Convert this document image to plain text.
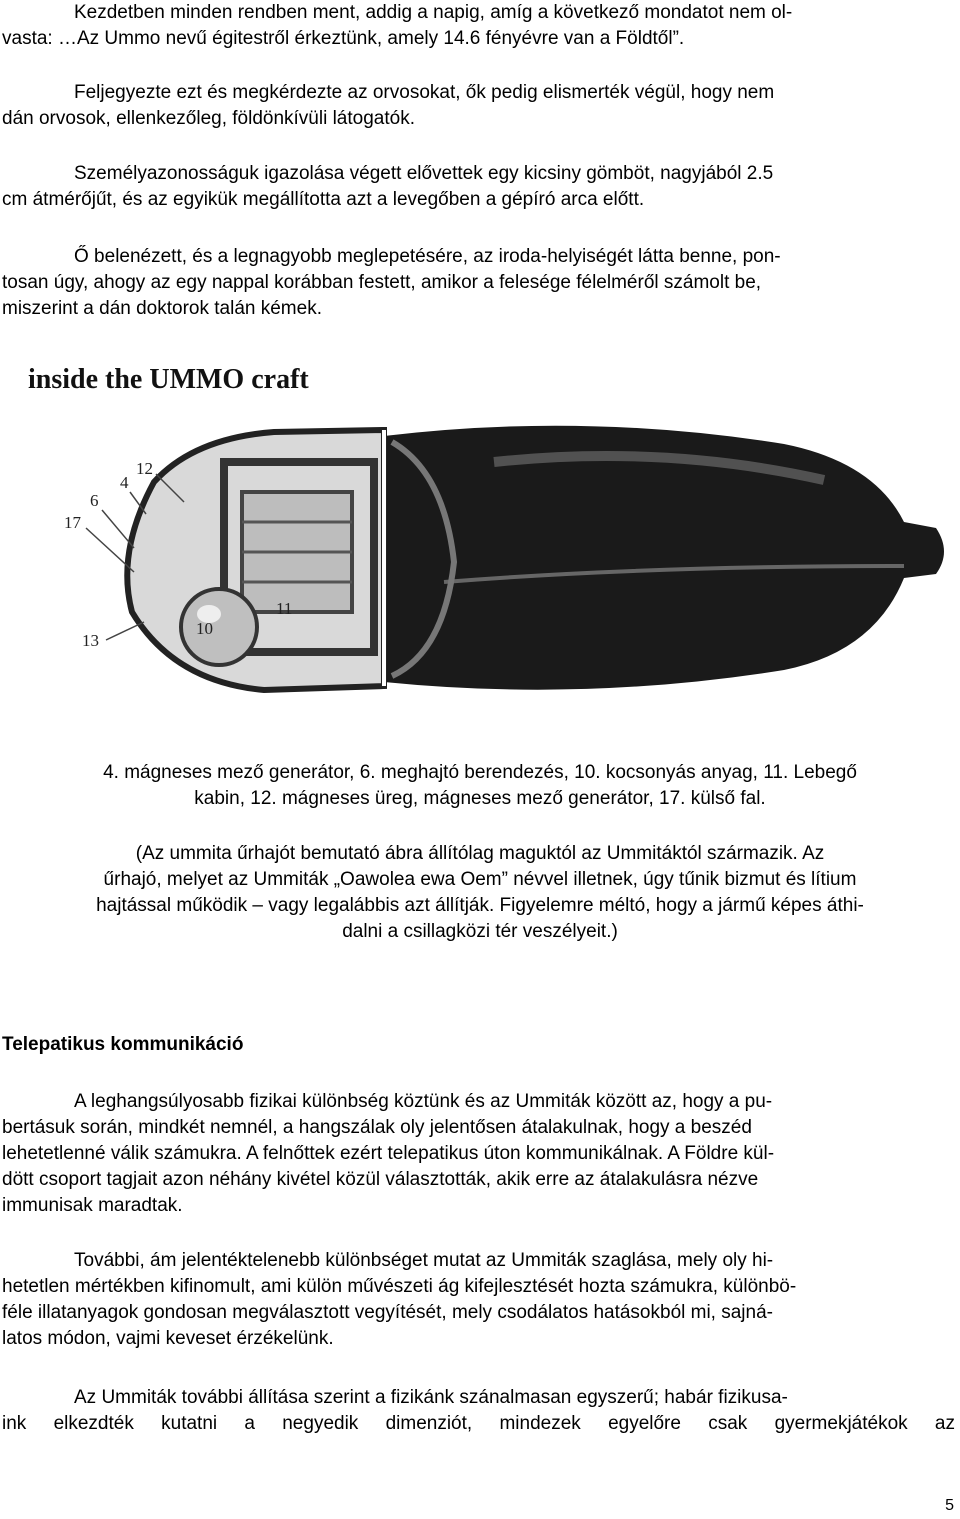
Kezdetben minden rendben ment, addig a napig, amíg a következő mondatot nem ol-
vasta: …Az Ummo nevű égitestről érkeztünk, amely 14.6 fényévre van a Földtől”.

Feljegyezte ezt és megkérdezte az orvosokat, ők pedig elismerték végül, hogy nem
dán orvosok, ellenkezőleg, földönkívüli látogatók.

Személyazonosságuk igazolása végett elővettek egy kicsiny gömböt, nagyjából 2.5
cm átmérőjűt, és az egyikük megállította azt a levegőben a gépíró arca előtt.

Ő belenézett, és a legnagyobb meglepetésére, az iroda-helyiségét látta benne, pon-
tosan úgy, ahogy az egy nappal korábban festett, amikor a felesége félelméről számolt be,
miszerint a dán doktorok talán kémek.

inside the UMMO craft
12
4
6
17
13
10
11

4. mágneses mező generátor, 6. meghajtó berendezés, 10. kocsonyás anyag, 11. Lebegő
kabin, 12. mágneses üreg, mágneses mező generátor, 17. külső fal.

(Az ummita űrhajót bemutató ábra állítólag maguktól az Ummitáktól származik. Az
űrhajó, melyet az Ummiták „Oawolea ewa Oem” névvel illetnek, úgy tűnik bizmut és lítium
hajtással működik – vagy legalábbis azt állítják. Figyelemre méltó, hogy a jármű képes áthi-
dalni a csillagközi tér veszélyeit.)

Telepatikus kommunikáció

A leghangsúlyosabb fizikai különbség köztünk és az Ummiták között az, hogy a pu-
bertásuk során, mindkét nemnél, a hangszálak oly jelentősen átalakulnak, hogy a beszéd
lehetetlenné válik számukra. A felnőttek ezért telepatikus úton kommunikálnak. A Földre kül-
dött csoport tagjait azon néhány kivétel közül választották, akik erre az átalakulásra nézve
immunisak maradtak.

További, ám jelentéktelenebb különbséget mutat az Ummiták szaglása, mely oly hi-
hetetlen mértékben kifinomult, ami külön művészeti ág kifejlesztését hozta számukra, különbö-
féle illatanyagok gondosan megválasztott vegyítését, mely csodálatos hatásokból mi, sajná-
latos módon, vajmi keveset érzékelünk.

Az Ummiták további állítása szerint a fizikánk szánalmasan egyszerű; habár fizikusa-
ink elkezdték kutatni a negyedik dimenziót, mindezek egyelőre csak gyermekjátékok az

5
